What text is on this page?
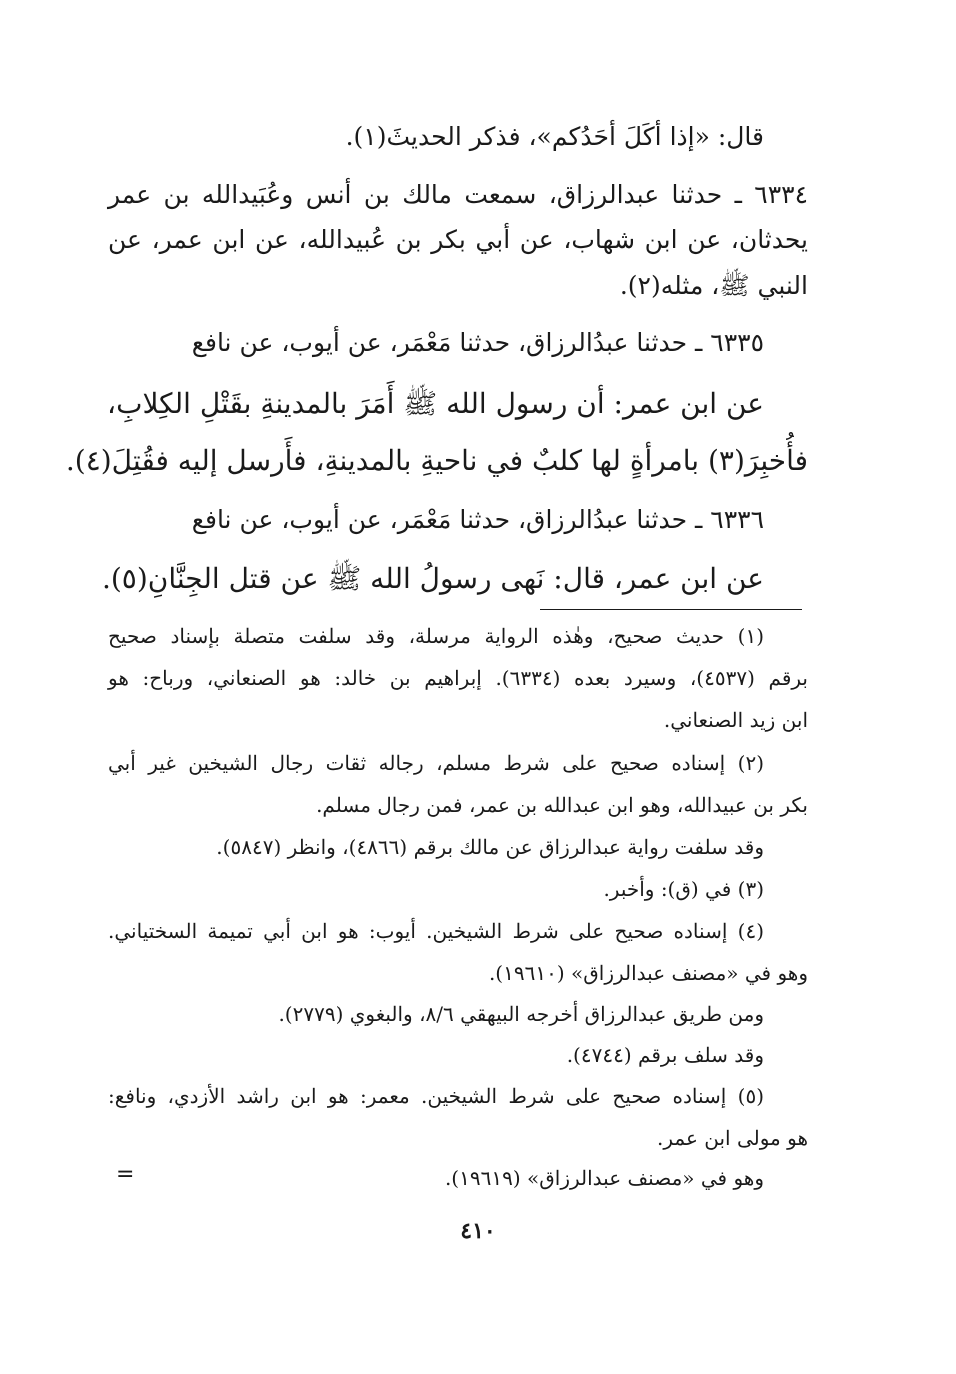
قال: «إذا أكَلَ أحَدُكم»، فذكر الحديثَ(١).
٦٣٣٤ ـ حدثنا عبدالرزاق، سمعت مالك بن أنس وعُبَيدالله بن عمر
يحدثان، عن ابن شهاب، عن أبي بكر بن عُبيدالله، عن ابن عمر، عن
النبي ﷺ، مثله(٢).
٦٣٣٥ ـ حدثنا عبدُالرزاق، حدثنا مَعْمَر، عن أيوب، عن نافع
عن ابن عمر: أن رسول الله ﷺ أَمَرَ بالمدينةِ بقَتْلِ الكِلابِ،
فأُخبِرَ(٣) بامرأةٍ لها كلبٌ في ناحيةِ بالمدينةِ، فأَرسل إليه فقُتِلَ(٤).
٦٣٣٦ ـ حدثنا عبدُالرزاق، حدثنا مَعْمَر، عن أيوب، عن نافع
عن ابن عمر، قال: نَهى رسولُ الله ﷺ عن قتل الجِنَّانِ(٥).
(١) حديث صحيح، وهٰذه الرواية مرسلة، وقد سلفت متصلة بإسناد صحيح
برقم (٤٥٣٧)، وسيرد بعده (٦٣٣٤). إبراهيم بن خالد: هو الصنعاني، ورباح: هو
ابن زيد الصنعاني.
(٢) إسناده صحيح على شرط مسلم، رجاله ثقات رجال الشيخين غير أبي
بكر بن عبيدالله، وهو ابن عبدالله بن عمر، فمن رجال مسلم.
وقد سلفت رواية عبدالرزاق عن مالك برقم (٤٨٦٦)، وانظر (٥٨٤٧).
(٣) في (ق): وأخبر.
(٤) إسناده صحيح على شرط الشيخين. أيوب: هو ابن أبي تميمة السختياني.
وهو في «مصنف عبدالرزاق» (١٩٦١٠).
ومن طريق عبدالرزاق أخرجه البيهقي ٨/٦، والبغوي (٢٧٧٩).
وقد سلف برقم (٤٧٤٤).
(٥) إسناده صحيح على شرط الشيخين. معمر: هو ابن راشد الأزدي، ونافع:
هو مولى ابن عمر.
وهو في «مصنف عبدالرزاق» (١٩٦١٩).
=
٤١٠
